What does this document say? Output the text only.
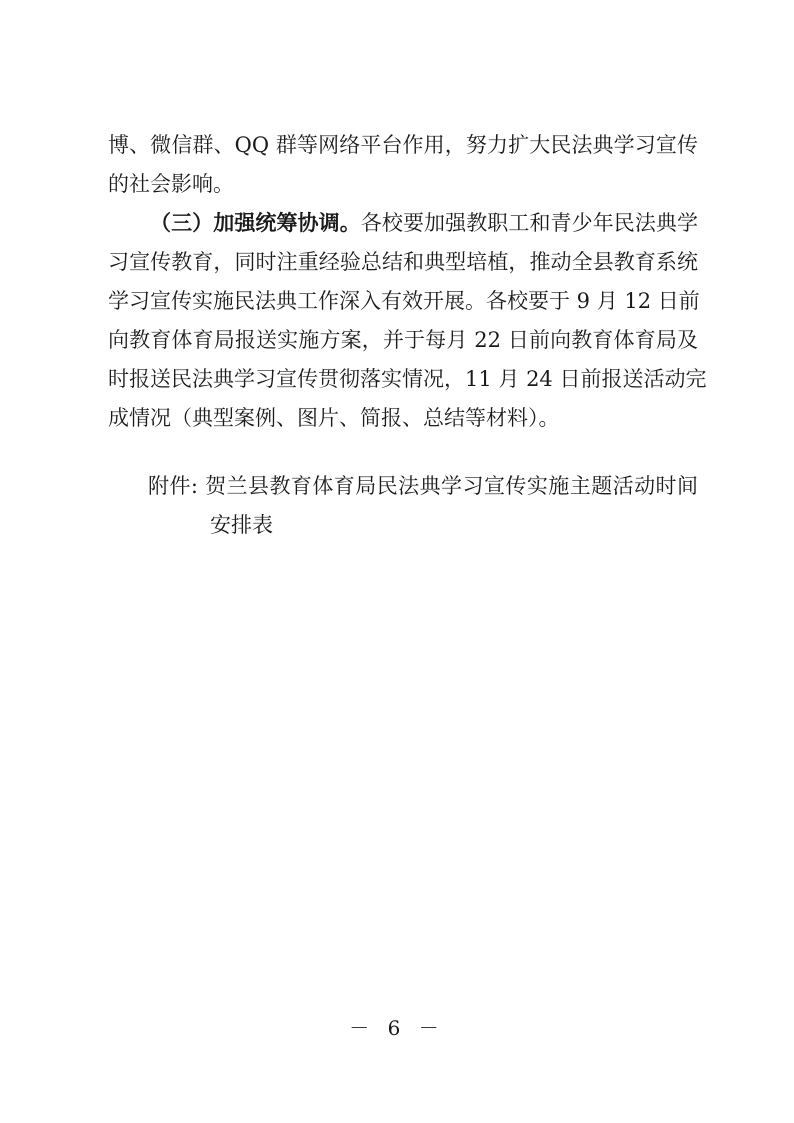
博、微信群、QQ 群等网络平台作用，努力扩大民法典学习宣传
的社会影响。
（三）加强统筹协调。各校要加强教职工和青少年民法典学
习宣传教育，同时注重经验总结和典型培植，推动全县教育系统
学习宣传实施民法典工作深入有效开展。各校要于 9 月 12 日前
向教育体育局报送实施方案，并于每月 22 日前向教育体育局及
时报送民法典学习宣传贯彻落实情况，11 月 24 日前报送活动完
成情况（典型案例、图片、简报、总结等材料）。
附件: 贺兰县教育体育局民法典学习宣传实施主题活动时间
安排表
－ 6 －
